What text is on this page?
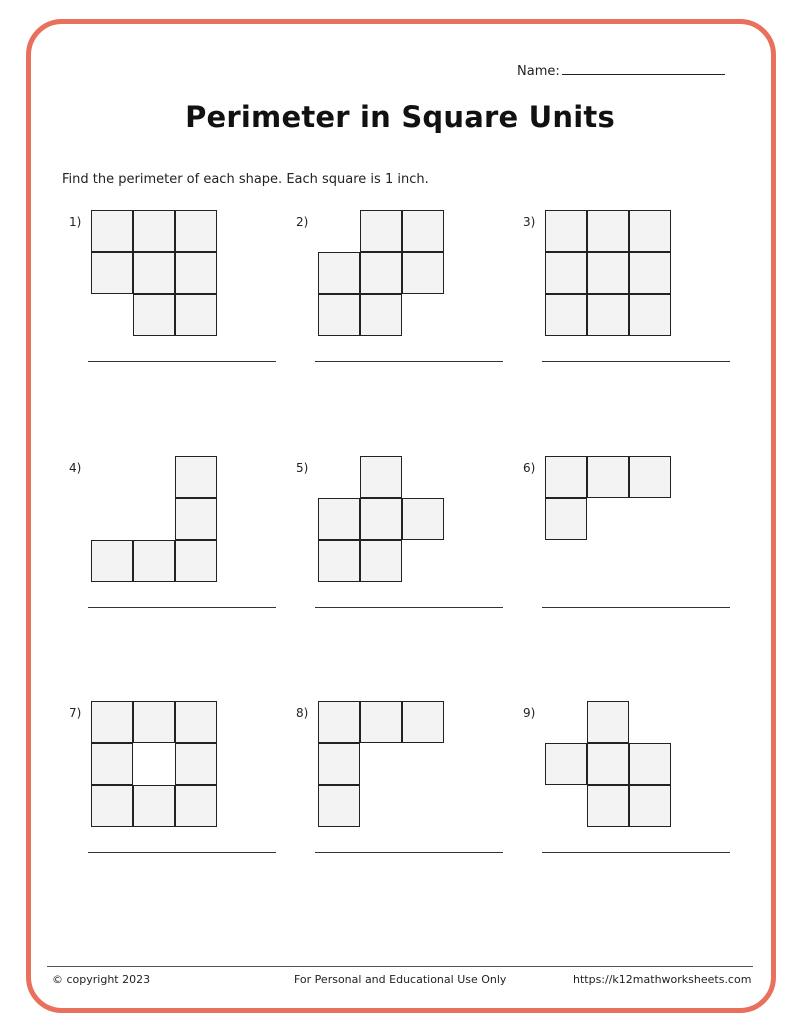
Name:
Perimeter in Square Units
Find the perimeter of each shape. Each square is 1 inch.
1)	2)	3)
4)	5)	6)
7)	8)	9)
© copyright 2023	For Personal and Educational Use Only	https://k12mathworksheets.com
